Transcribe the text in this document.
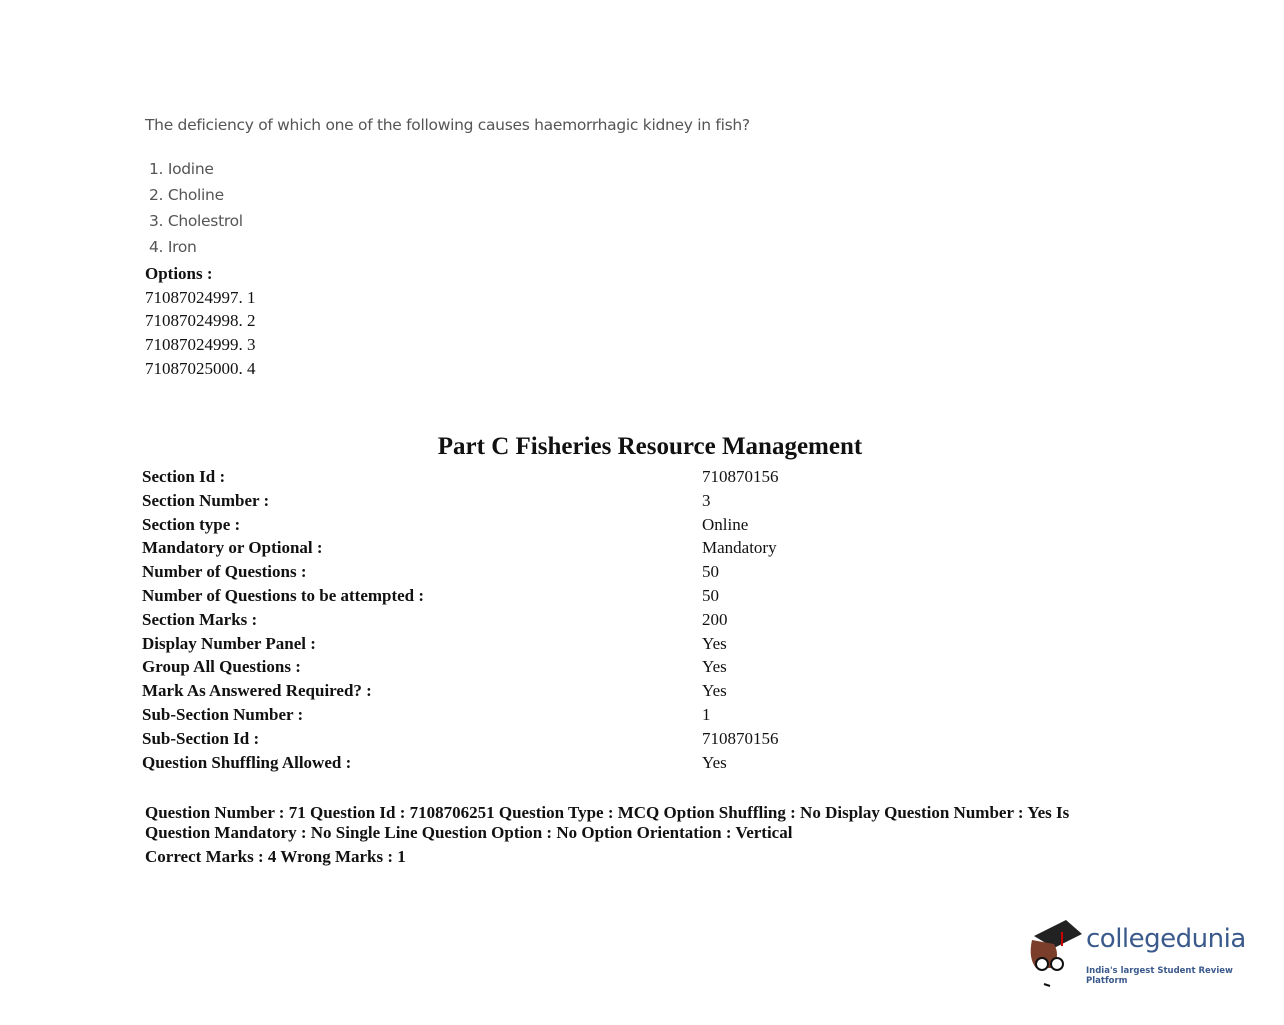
The deficiency of which one of the following causes haemorrhagic kidney in fish?
1. Iodine
2. Choline
3. Cholestrol
4. Iron
Options :
71087024997. 1
71087024998. 2
71087024999. 3
71087025000. 4
Part C Fisheries Resource Management
Section Id :	710870156
Section Number :	3
Section type :	Online
Mandatory or Optional :	Mandatory
Number of Questions :	50
Number of Questions to be attempted :	50
Section Marks :	200
Display Number Panel :	Yes
Group All Questions :	Yes
Mark As Answered Required? :	Yes
Sub-Section Number :	1
Sub-Section Id :	710870156
Question Shuffling Allowed :	Yes
Question Number : 71 Question Id : 7108706251 Question Type : MCQ Option Shuffling : No Display Question Number : Yes Is Question Mandatory : No Single Line Question Option : No Option Orientation : Vertical
Correct Marks : 4 Wrong Marks : 1
collegedunia
India's largest Student Review Platform
